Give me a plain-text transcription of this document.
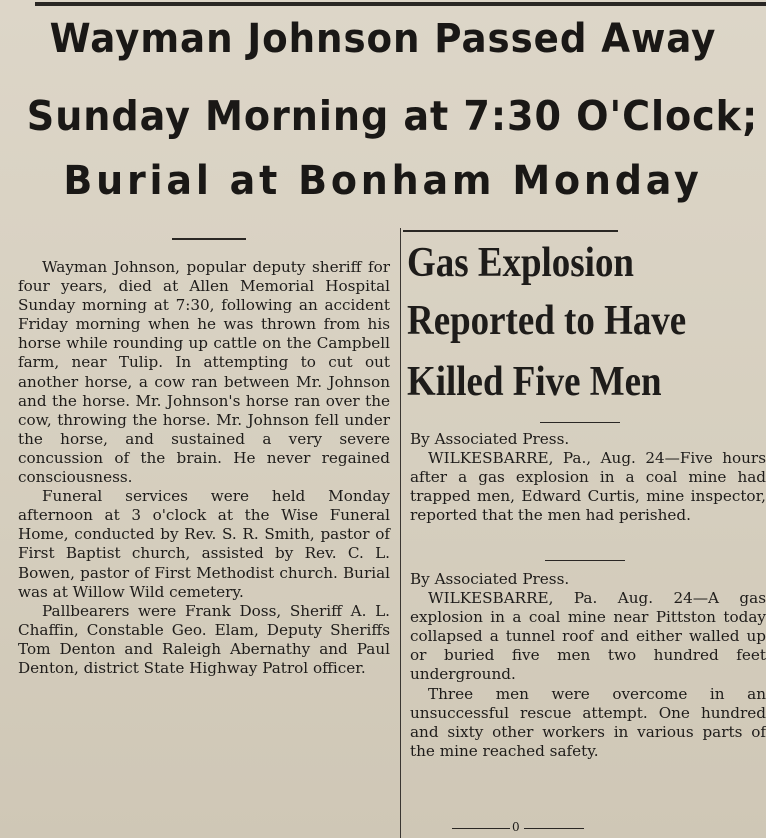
Wayman Johnson Passed Away
Sunday Morning at 7:30 O'Clock;
Burial at Bonham Monday

Wayman Johnson, popular deputy sheriff for four years, died at Allen Memorial Hospital Sunday morning at 7:30, following an accident Friday morning when he was thrown from his horse while rounding up cattle on the Campbell farm, near Tulip. In attempting to cut out another horse, a cow ran between Mr. Johnson and the horse. Mr. Johnson's horse ran over the cow, throwing the horse. Mr. Johnson fell under the horse, and sustained a very severe concussion of the brain. He never regained consciousness.

Funeral services were held Monday afternoon at 3 o'clock at the Wise Funeral Home, conducted by Rev. S. R. Smith, pastor of First Baptist church, assisted by Rev. C. L. Bowen, pastor of First Methodist church. Burial was at Willow Wild cemetery.

Pallbearers were Frank Doss, Sheriff A. L. Chaffin, Constable Geo. Elam, Deputy Sheriffs Tom Denton and Raleigh Abernathy and Paul Denton, district State Highway Patrol officer.

Gas Explosion
Reported to Have
Killed Five Men

By Associated Press.

WILKESBARRE, Pa., Aug. 24—Five hours after a gas explosion in a coal mine had trapped men, Edward Curtis, mine inspector, reported that the men had perished.

By Associated Press.

WILKESBARRE, Pa. Aug. 24—A gas explosion in a coal mine near Pittston today collapsed a tunnel roof and either walled up or buried five men two hundred feet underground.

Three men were overcome in an unsuccessful rescue attempt. One hundred and sixty other workers in various parts of the mine reached safety.

0
